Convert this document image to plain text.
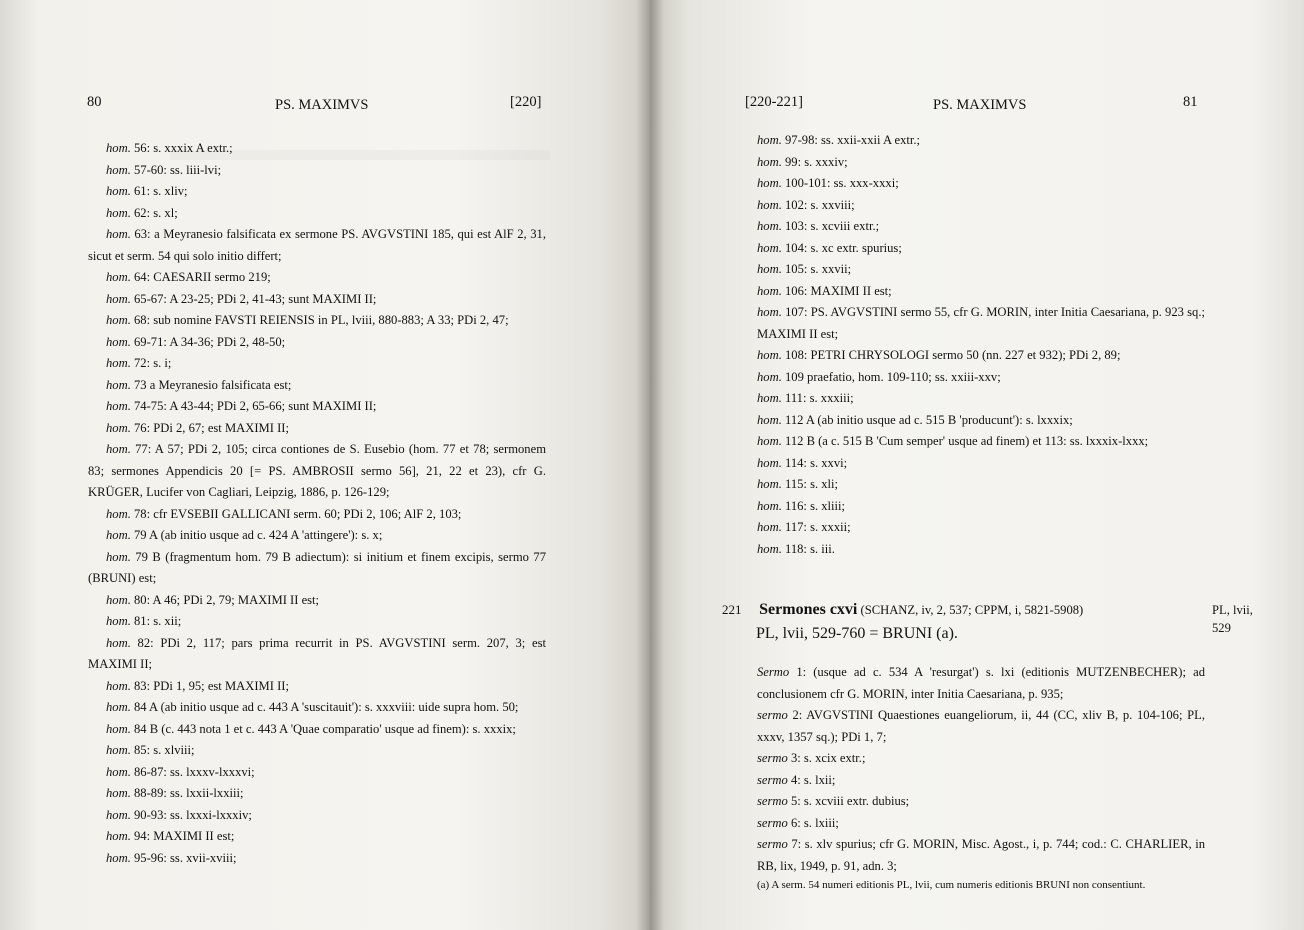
80	PS. MAXIMVS	[220]

hom. 56: s. xxxix A extr.;

hom. 57-60: ss. liii-lvi;

hom. 61: s. xliv;

hom. 62: s. xl;

hom. 63: a Meyranesio falsificata ex sermone PS. AVGVSTINI 185, qui est AlF 2, 31, sicut et serm. 54 qui solo initio differt;

hom. 64: CAESARII sermo 219;

hom. 65-67: A 23-25; PDi 2, 41-43; sunt MAXIMI II;

hom. 68: sub nomine FAVSTI REIENSIS in PL, lviii, 880-883; A 33; PDi 2, 47;

hom. 69-71: A 34-36; PDi 2, 48-50;

hom. 72: s. i;

hom. 73 a Meyranesio falsificata est;

hom. 74-75: A 43-44; PDi 2, 65-66; sunt MAXIMI II;

hom. 76: PDi 2, 67; est MAXIMI II;

hom. 77: A 57; PDi 2, 105; circa contiones de S. Eusebio (hom. 77 et 78; sermonem 83; sermones Appendicis 20 [= PS. AMBROSII sermo 56], 21, 22 et 23), cfr G. KRÜGER, Lucifer von Cagliari, Leipzig, 1886, p. 126-129;

hom. 78: cfr EVSEBII GALLICANI serm. 60; PDi 2, 106; AlF 2, 103;

hom. 79 A (ab initio usque ad c. 424 A 'attingere'): s. x;

hom. 79 B (fragmentum hom. 79 B adiectum): si initium et finem excipis, sermo 77 (BRUNI) est;

hom. 80: A 46; PDi 2, 79; MAXIMI II est;

hom. 81: s. xii;

hom. 82: PDi 2, 117; pars prima recurrit in PS. AVGVSTINI serm. 207, 3; est MAXIMI II;

hom. 83: PDi 1, 95; est MAXIMI II;

hom. 84 A (ab initio usque ad c. 443 A 'suscitauit'): s. xxxviii: uide supra hom. 50;

hom. 84 B (c. 443 nota 1 et c. 443 A 'Quae comparatio' usque ad finem): s. xxxix;

hom. 85: s. xlviii;

hom. 86-87: ss. lxxxv-lxxxvi;

hom. 88-89: ss. lxxii-lxxiii;

hom. 90-93: ss. lxxxi-lxxxiv;

hom. 94: MAXIMI II est;

hom. 95-96: ss. xvii-xviii;

[220-221]	PS. MAXIMVS	81

hom. 97-98: ss. xxii-xxii A extr.;

hom. 99: s. xxxiv;

hom. 100-101: ss. xxx-xxxi;

hom. 102: s. xxviii;

hom. 103: s. xcviii extr.;

hom. 104: s. xc extr. spurius;

hom. 105: s. xxvii;

hom. 106: MAXIMI II est;

hom. 107: PS. AVGVSTINI sermo 55, cfr G. MORIN, inter Initia Caesariana, p. 923 sq.; MAXIMI II est;

hom. 108: PETRI CHRYSOLOGI sermo 50 (nn. 227 et 932); PDi 2, 89;

hom. 109 praefatio, hom. 109-110; ss. xxiii-xxv;

hom. 111: s. xxxiii;

hom. 112 A (ab initio usque ad c. 515 B 'producunt'): s. lxxxix;

hom. 112 B (a c. 515 B 'Cum semper' usque ad finem) et 113: ss. lxxxix-lxxx;

hom. 114: s. xxvi;

hom. 115: s. xli;

hom. 116: s. xliii;

hom. 117: s. xxxii;

hom. 118: s. iii.

221 Sermones cxvi (SCHANZ, iv, 2, 537; CPPM, i, 5821-5908)
PL, lvii, 529-760 = BRUNI (a).
PL, lvii,
529

Sermo 1: (usque ad c. 534 A 'resurgat') s. lxi (editionis MUTZENBECHER); ad conclusionem cfr G. MORIN, inter Initia Caesariana, p. 935;

sermo 2: AVGVSTINI Quaestiones euangeliorum, ii, 44 (CC, xliv B, p. 104-106; PL, xxxv, 1357 sq.); PDi 1, 7;

sermo 3: s. xcix extr.;

sermo 4: s. lxii;

sermo 5: s. xcviii extr. dubius;

sermo 6: s. lxiii;

sermo 7: s. xlv spurius; cfr G. MORIN, Misc. Agost., i, p. 744; cod.: C. CHARLIER, in RB, lix, 1949, p. 91, adn. 3;

(a) A serm. 54 numeri editionis PL, lvii, cum numeris editionis BRUNI non consentiunt.
